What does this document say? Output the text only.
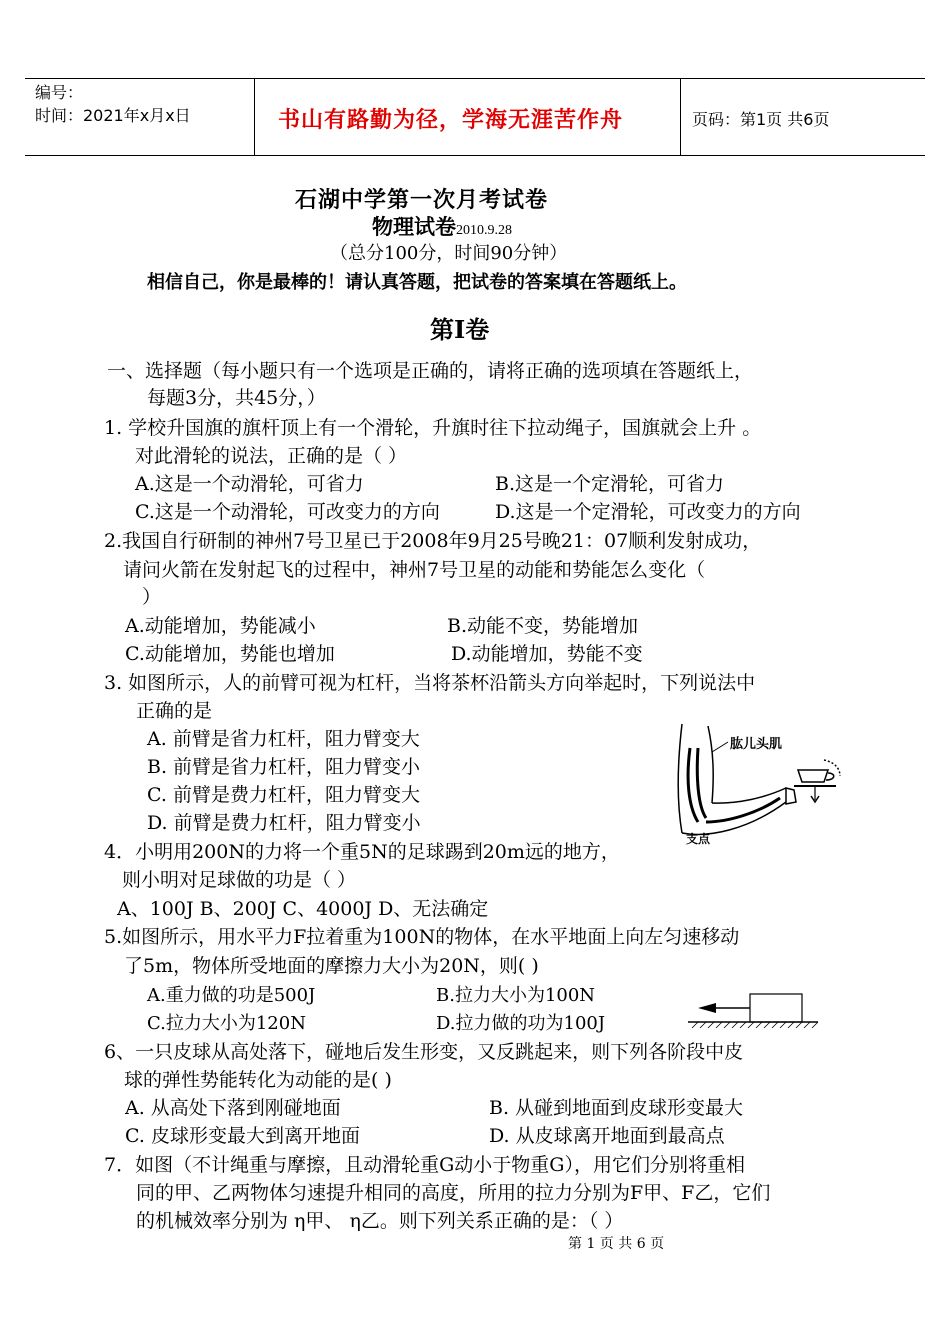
编号：
时间：2021年x月x日	书山有路勤为径，学海无涯苦作舟	页码：第1页 共6页
石湖中学第一次月考试卷
物理试卷2010.9.28
（总分100分，时间90分钟）
相信自己，你是最棒的！请认真答题，把试卷的答案填在答题纸上。
第Ⅰ卷
一、选择题（每小题只有一个选项是正确的，请将正确的选项填在答题纸上，
每题3分，共45分，）
1. 学校升国旗的旗杆顶上有一个滑轮，升旗时往下拉动绳子，国旗就会上升 。
对此滑轮的说法，正确的是（ ）
A.这是一个动滑轮，可省力	B.这是一个定滑轮，可省力
C.这是一个动滑轮，可改变力的方向	D.这是一个定滑轮，可改变力的方向
2.我国自行研制的神州7号卫星已于2008年9月25号晚21：07顺利发射成功，
请问火箭在发射起飞的过程中，神州7号卫星的动能和势能怎么变化（
）
A.动能增加，势能减小	B.动能不变，势能增加
C.动能增加，势能也增加	D.动能增加，势能不变
3. 如图所示，人的前臂可视为杠杆，当将茶杯沿箭头方向举起时，下列说法中
正确的是
A. 前臂是省力杠杆，阻力臂变大
B. 前臂是省力杠杆，阻力臂变小
C. 前臂是费力杠杆，阻力臂变大
D. 前臂是费力杠杆，阻力臂变小
肱儿头肌
支点
4．小明用200N的力将一个重5N的足球踢到20m远的地方，
则小明对足球做的功是（ ）
A、100J B、200J C、4000J D、无法确定
5.如图所示，用水平力F拉着重为100N的物体，在水平地面上向左匀速移动
了5m，物体所受地面的摩擦力大小为20N，则( )
A.重力做的功是500J	B.拉力大小为100N
C.拉力大小为120N	D.拉力做的功为100J
6、一只皮球从高处落下，碰地后发生形变，又反跳起来，则下列各阶段中皮
球的弹性势能转化为动能的是( )
A. 从高处下落到刚碰地面	B. 从碰到地面到皮球形变最大
C. 皮球形变最大到离开地面	D. 从皮球离开地面到最高点
7．如图（不计绳重与摩擦，且动滑轮重G动小于物重G），用它们分别将重相
同的甲、乙两物体匀速提升相同的高度，所用的拉力分别为F甲、F乙，它们
的机械效率分别为 η甲、 η乙。则下列关系正确的是：（ ）
第 1 页 共 6 页
